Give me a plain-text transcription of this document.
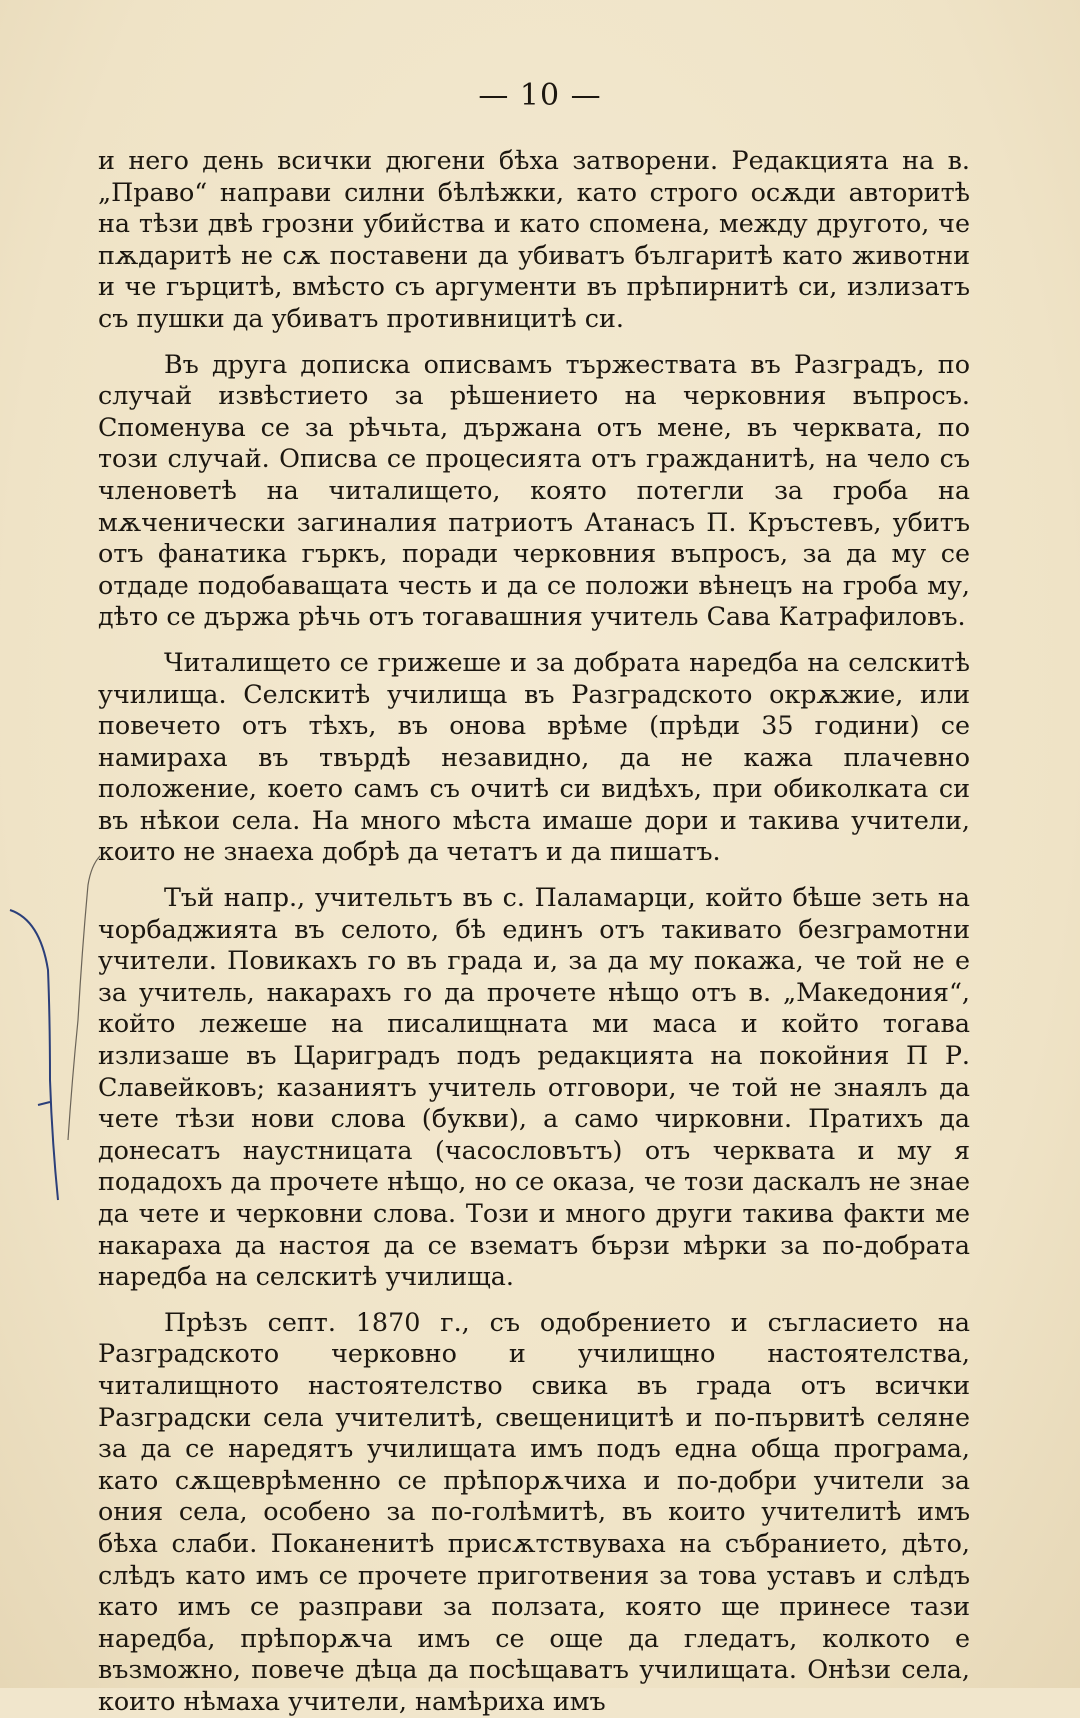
— 10 —

и него день всички дюгени бѣха затворени. Редакцията на в. „Право“ направи силни бѣлѣжки, като строго осѫди авторитѣ на тѣзи двѣ грозни убийства и като спомена, между другото, че пѫдаритѣ не сѫ поставени да убиватъ българитѣ като животни и че гърцитѣ, вмѣсто съ аргументи въ прѣпирнитѣ си, излизатъ съ пушки да убиватъ противницитѣ си.

Въ друга дописка описвамъ тържествата въ Разградъ, по случай извѣстието за рѣшението на черковния въпросъ. Споменува се за рѣчьта, държана отъ мене, въ черквата, по този случай. Описва се процесията отъ гражданитѣ, на чело съ членоветѣ на читалището, която потегли за гроба на мѫченически загиналия патриотъ Атанасъ П. Кръстевъ, убитъ отъ фанатика гъркъ, поради черковния въпросъ, за да му се отдаде подобаващата честь и да се положи вѣнецъ на гроба му, дѣто се държа рѣчь отъ тогавашния учитель Сава Катрафиловъ.

Читалището се грижеше и за добрата наредба на селскитѣ училища. Селскитѣ училища въ Разградското окрѫжие, или повечето отъ тѣхъ, въ онова врѣме (прѣди 35 години) се намираха въ твърдѣ незавидно, да не кажа плачевно положение, което самъ съ очитѣ си видѣхъ, при обиколката си въ нѣкои села. На много мѣста имаше дори и такива учители, които не знаеха добрѣ да четатъ и да пишатъ.

Тъй напр., учительтъ въ с. Паламарци, който бѣше зеть на чорбаджията въ селото, бѣ единъ отъ такивато безграмотни учители. Повикахъ го въ града и, за да му покажа, че той не е за учитель, накарахъ го да прочете нѣщо отъ в. „Македония“, който лежеше на писалищната ми маса и който тогава излизаше въ Цариградъ подъ редакцията на покойния П Р. Славейковъ; казаниятъ учитель отговори, че той не знаялъ да чете тѣзи нови слова (букви), а само чирковни. Пратихъ да донесатъ наустницата (часословътъ) отъ черквата и му я подадохъ да прочете нѣщо, но се оказа, че този даскалъ не знае да чете и черковни слова. Този и много други такива факти ме накараха да настоя да се взематъ бързи мѣрки за по-добрата наредба на селскитѣ училища.

Прѣзъ септ. 1870 г., съ одобрението и съгласието на Разградското черковно и училищно настоятелства, читалищното настоятелство свика въ града отъ всички Разградски села учителитѣ, свещеницитѣ и по-първитѣ селяне за да се наредятъ училищата имъ подъ една обща програма, като сѫщеврѣменно се прѣпорѫчиха и по-добри учители за ония села, особено за по-голѣмитѣ, въ които учителитѣ имъ бѣха слаби. Поканенитѣ присѫтствуваха на събранието, дѣто, слѣдъ като имъ се прочете приготвения за това уставъ и слѣдъ като имъ се разправи за ползата, която ще принесе тази наредба, прѣпорѫча имъ се още да гледатъ, колкото е възможно, повече дѣца да посѣщаватъ училищата. Онѣзи села, които нѣмаха учители, намѣриха имъ
